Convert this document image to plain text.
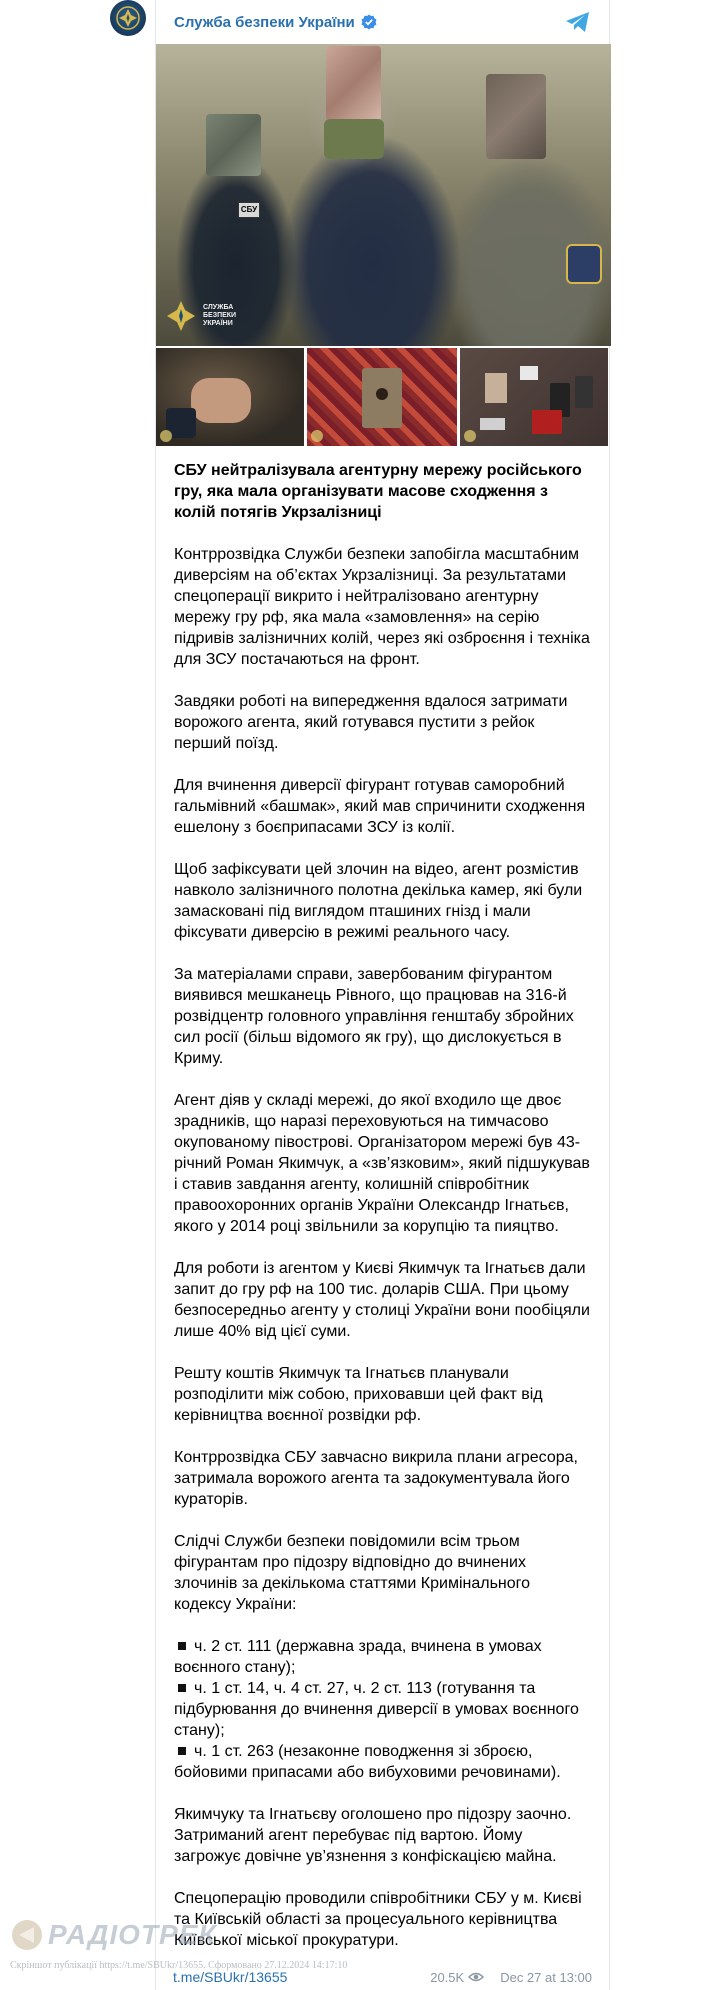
Служба безпеки України
СБУ
СЛУЖБА БЕЗПЕКИ УКРАЇНИ

СБУ нейтралізувала агентурну мережу російського гру, яка мала організувати масове сходження з колій потягів Укрзалізниці

Контррозвідка Служби безпеки запобігла масштабним диверсіям на об’єктах Укрзалізниці. За результатами спецоперації викрито і нейтралізовано агентурну мережу гру рф, яка мала «замовлення» на серію підривів залізничних колій, через які озброєння і техніка для ЗСУ постачаються на фронт.

Завдяки роботі на випередження вдалося затримати ворожого агента, який готувався пустити з рейок перший поїзд.

Для вчинення диверсії фігурант готував саморобний гальмівний «башмак», який мав спричинити сходження ешелону з боєприпасами ЗСУ із колії.

Щоб зафіксувати цей злочин на відео, агент розмістив навколо залізничного полотна декілька камер, які були замасковані під виглядом пташиних гнізд і мали фіксувати диверсію в режимі реального часу.

За матеріалами справи, завербованим фігурантом виявився мешканець Рівного, що працював на 316-й розвідцентр головного управління генштабу збройних сил росії (більш відомого як гру), що дислокується в Криму.

Агент діяв у складі мережі, до якої входило ще двоє зрадників, що наразі переховуються на тимчасово окупованому півострові. Організатором мережі був 43-річний Роман Якимчук, а «зв’язковим», який підшукував і ставив завдання агенту, колишній співробітник правоохоронних органів України Олександр Ігнатьєв, якого у 2014 році звільнили за корупцію та пияцтво.

Для роботи із агентом у Києві Якимчук та Ігнатьєв дали запит до гру рф на 100 тис. доларів США. При цьому безпосередньо агенту у столиці України вони пообіцяли лише 40% від цієї суми.

Решту коштів Якимчук та Ігнатьєв планували розподілити між собою, приховавши цей факт від керівництва воєнної розвідки рф.

Контррозвідка СБУ завчасно викрила плани агресора, затримала ворожого агента та задокументувала його кураторів.

Слідчі Служби безпеки повідомили всім трьом фігурантам про підозру відповідно до вчинених злочинів за декількома статтями Кримінального кодексу України:

ч. 2 ст. 111 (державна зрада, вчинена в умовах воєнного стану);

ч. 1 ст. 14, ч. 4 ст. 27, ч. 2 ст. 113 (готування та підбурювання до вчинення диверсії в умовах воєнного стану);

ч. 1 ст. 263 (незаконне поводження зі зброєю, бойовими припасами або вибуховими речовинами).

Якимчуку та Ігнатьєву оголошено про підозру заочно. Затриманий агент перебуває під вартою. Йому загрожує довічне ув’язнення з конфіскацією майна.

Спецоперацію проводили співробітники СБУ у м. Києві та Київській області за процесуального керівництва Київської міської прокуратури.

РАДІОТРЕК
Скріншот публікації https://t.me/SBUkr/13655. Сформовано 27.12.2024 14:17:10
t.me/SBUkr/13655	20.5K	Dec 27 at 13:00
